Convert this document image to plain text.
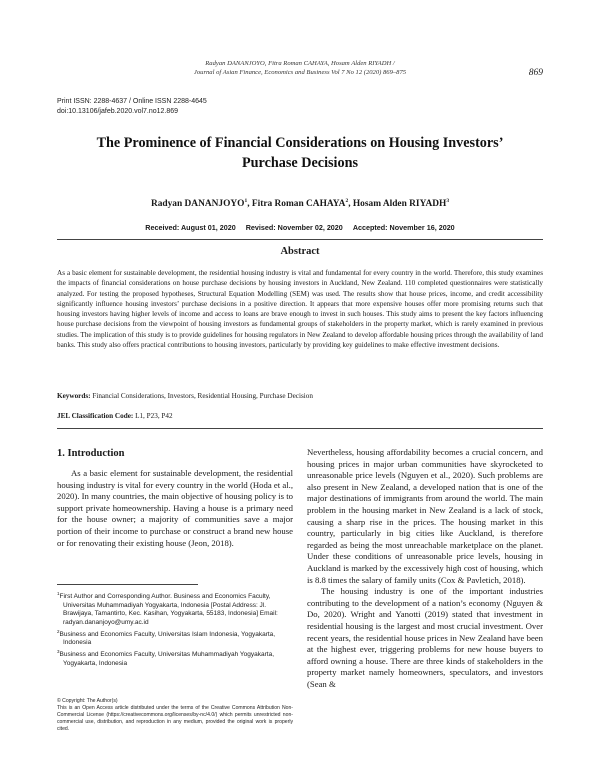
Radyan DANANJOYO, Fitra Roman CAHAYA, Hosam Alden RIYADH /
Journal of Asian Finance, Economics and Business Vol 7 No 12 (2020) 869–875	869
Print ISSN: 2288-4637 / Online ISSN 2288-4645
doi:10.13106/jafeb.2020.vol7.no12.869
The Prominence of Financial Considerations on Housing Investors’
Purchase Decisions
Radyan DANANJOYO$^1$, Fitra Roman CAHAYA$^2$, Hosam Alden RIYADH$^3$
Received: August 01, 2020 Revised: November 02, 2020 Accepted: November 16, 2020
Abstract
As a basic element for sustainable development, the residential housing industry is vital and fundamental for every country in the world. Therefore, this study examines the impacts of financial considerations on house purchase decisions by housing investors in Auckland, New Zealand. 110 completed questionnaires were statistically analyzed. For testing the proposed hypotheses, Structural Equation Modelling (SEM) was used. The results show that house prices, income, and credit accessibility significantly influence housing investors’ purchase decisions in a positive direction. It appears that more expensive houses offer more promising returns such that housing investors having higher levels of income and access to loans are brave enough to invest in such houses. This study aims to present the key factors influencing house purchase decisions from the viewpoint of housing investors as fundamental groups of stakeholders in the property market, which is rarely examined in previous studies. The implication of this study is to provide guidelines for housing regulators in New Zealand to develop affordable housing prices through the availability of land banks. This study also offers practical contributions to housing investors, particularly by providing key guidelines to make effective investment decisions.
Keywords: Financial Considerations, Investors, Residential Housing, Purchase Decision
JEL Classification Code: L1, P23, P42
1. Introduction

As a basic element for sustainable development, the residential housing industry is vital for every country in the world (Hoda et al., 2020). In many countries, the main objective of housing policy is to support private homeownership. Having a house is a primary need for the house owner; a majority of communities save a major portion of their income to purchase or construct a brand new house or for renovating their existing house (Jeon, 2018).

Nevertheless, housing affordability becomes a crucial concern, and housing prices in major urban communities have skyrocketed to unreasonable price levels (Nguyen et al., 2020). Such problems are also present in New Zealand, a developed nation that is one of the major destinations of immigrants from around the world. The main problem in the housing market in New Zealand is a lack of stock, causing a sharp rise in the prices. The housing market in this country, particularly in big cities like Auckland, is therefore regarded as being the most unreachable marketplace on the planet. Under these conditions of unreasonable price levels, housing in Auckland is marked by the excessively high cost of housing, which is 8.8 times the salary of family units (Cox & Pavletich, 2018).

The housing industry is one of the important industries contributing to the development of a nation’s economy (Nguyen & Do, 2020). Wright and Yanotti (2019) stated that investment in residential housing is the largest and most crucial investment. Over recent years, the residential house prices in New Zealand have been at the highest ever, triggering problems for new house buyers to afford owning a house. There are three kinds of stakeholders in the property market namely homeowners, speculators, and investors (Sean &

$^1$First Author and Corresponding Author. Business and Economics Faculty, Universitas Muhammadiyah Yogyakarta, Indonesia [Postal Address: Jl. Brawijaya, Tamantirto, Kec. Kasihan, Yogyakarta, 55183, Indonesia] Email: radyan.dananjoyo@umy.ac.id
$^2$Business and Economics Faculty, Universitas Islam Indonesia, Yogyakarta, Indonesia
$^3$Business and Economics Faculty, Universitas Muhammadiyah Yogyakarta, Yogyakarta, Indonesia
© Copyright: The Author(s)
This is an Open Access article distributed under the terms of the Creative Commons Attribution Non-Commercial License (https://creativecommons.org/licenses/by-nc/4.0/) which permits unrestricted non-commercial use, distribution, and reproduction in any medium, provided the original work is properly cited.
